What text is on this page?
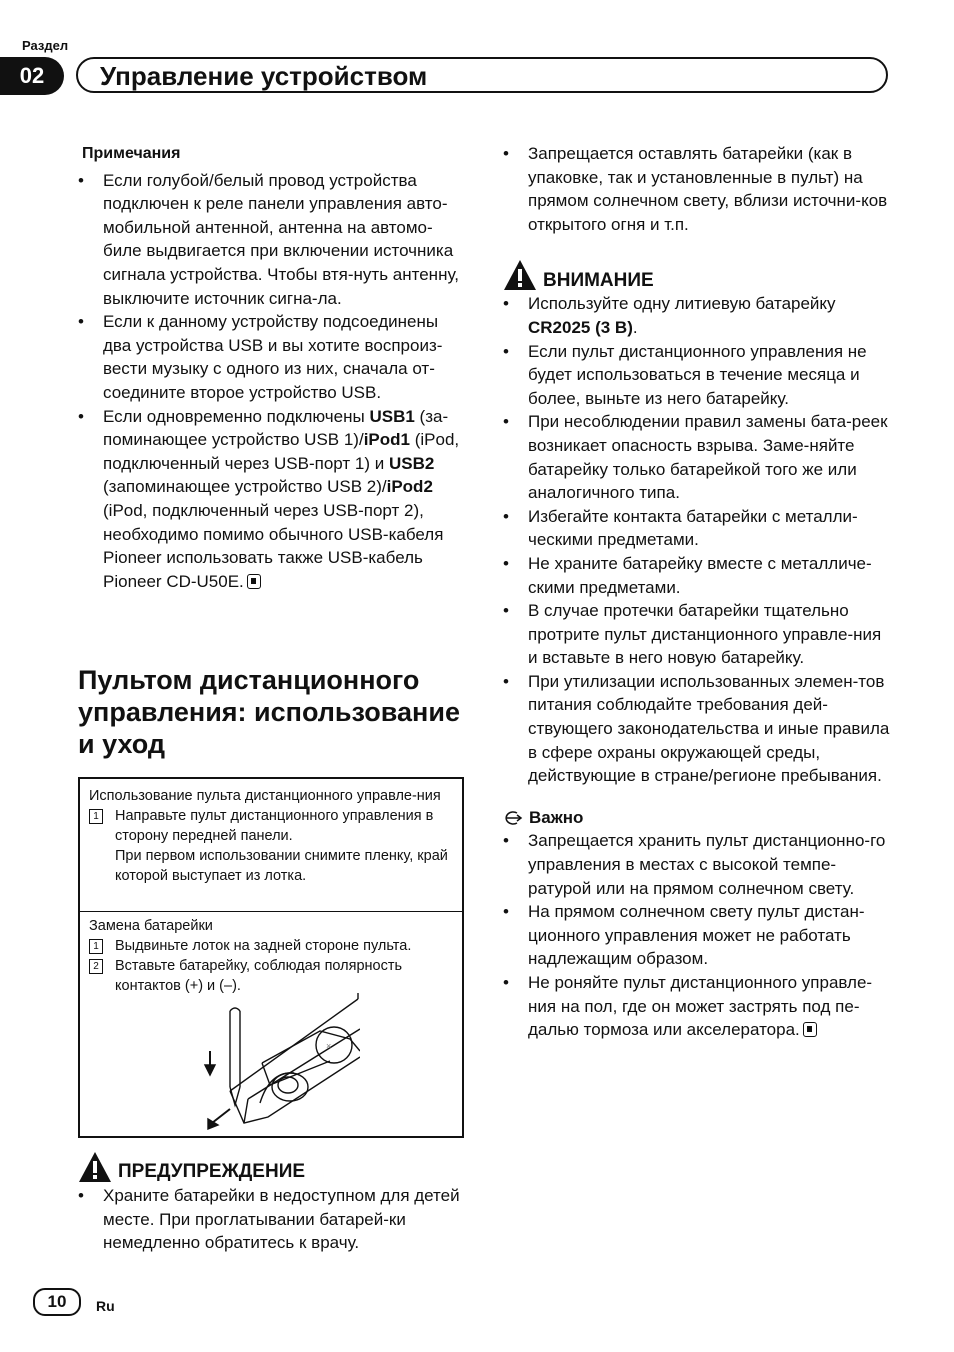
Раздел
02	Управление устройством
Примечания
• Если голубой/белый провод устройства подключен к реле панели управления авто-мобильной антенной, антенна на автомо-биле выдвигается при включении источника сигнала устройства. Чтобы втя-нуть антенну, выключите источник сигна-ла.
• Если к данному устройству подсоединены два устройства USB и вы хотите воспроиз-вести музыку с одного из них, сначала от-соедините второе устройство USB.
• Если одновременно подключены USB1 (за-поминающее устройство USB 1)/iPod1 (iPod, подключенный через USB-порт 1) и USB2 (запоминающее устройство USB 2)/iPod2 (iPod, подключенный через USB-порт 2), необходимо помимо обычного USB-кабеля Pioneer использовать также USB-кабель Pioneer CD-U50E.
Пультом дистанционного управления: использование и уход
Использование пульта дистанционного управле-ния
1 Направьте пульт дистанционного управления в сторону передней панели.
При первом использовании снимите пленку, край которой выступает из лотка.
Замена батарейки
1 Выдвиньте лоток на задней стороне пульта.
2 Вставьте батарейку, соблюдая полярность контактов (+) и (–).
×
ПРЕДУПРЕЖДЕНИЕ
• Храните батарейки в недоступном для детей месте. При проглатывании батарей-ки немедленно обратитесь к врачу.
• Запрещается оставлять батарейки (как в упаковке, так и установленные в пульт) на прямом солнечном свету, вблизи источни-ков открытого огня и т.п.
ВНИМАНИЕ
• Используйте одну литиевую батарейку CR2025 (3 В).
• Если пульт дистанционного управления не будет использоваться в течение месяца и более, выньте из него батарейку.
• При несоблюдении правил замены бата-реек возникает опасность взрыва. Заме-няйте батарейку только батарейкой того же или аналогичного типа.
• Избегайте контакта батарейки с металли-ческими предметами.
• Не храните батарейку вместе с металличе-скими предметами.
• В случае протечки батарейки тщательно протрите пульт дистанционного управле-ния и вставьте в него новую батарейку.
• При утилизации использованных элемен-тов питания соблюдайте требования дей-ствующего законодательства и иные правила в сфере охраны окружающей среды, действующие в стране/регионе пребывания.
Важно
• Запрещается хранить пульт дистанционно-го управления в местах с высокой темпе-ратурой или на прямом солнечном свету.
• На прямом солнечном свету пульт дистан-ционного управления может не работать надлежащим образом.
• Не роняйте пульт дистанционного управле-ния на пол, где он может застрять под пе-далью тормоза или акселератора.
10	Ru
